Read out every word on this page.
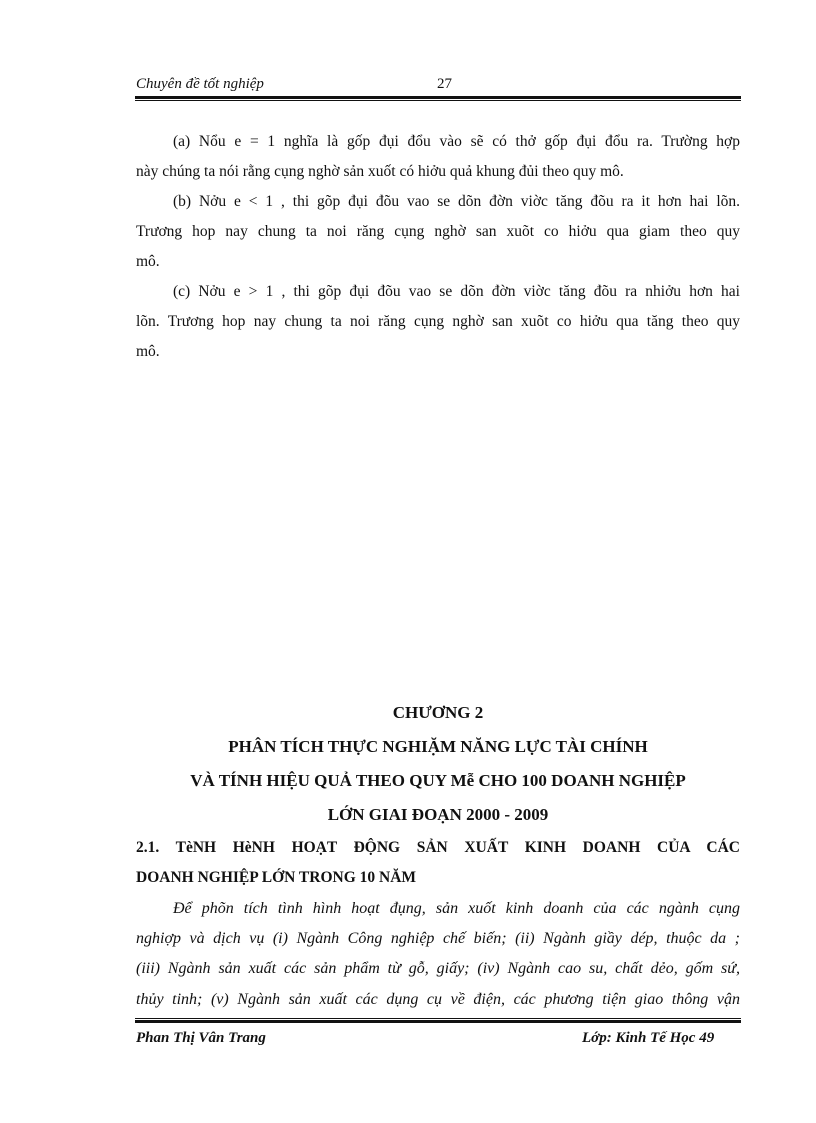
Chuyên đề tốt nghiệp	27
(a) Nổu e = 1 nghĩa là gốp đụi đổu vào sẽ có thở gốp đụi đổu ra. Trường hợp
này chúng ta nói rằng cụng nghờ sản xuốt có hiởu quả khung đủi theo quy mô.
(b) Nởu e < 1 , thi gõp đụi đõu vao se dõn đờn viờc tăng đõu ra it hơn hai lõn.
Trương hop nay chung ta noi răng cụng nghờ san xuõt co hiởu qua giam theo quy
mô.
(c) Nởu e > 1 , thi gõp đụi đõu vao se dõn đờn viờc tăng đõu ra nhiởu hơn hai
lõn. Trương hop nay chung ta noi răng cụng nghờ san xuõt co hiởu qua tăng theo quy
mô.
CHƯƠNG 2
PHÂN TÍCH THỰC NGHIẶM NĂNG LỰC TÀI CHÍNH
VÀ TÍNH HIỆU QUẢ THEO QUY Mễ CHO 100 DOANH NGHIỆP
LỚN GIAI ĐOẠN 2000 - 2009
2.1. TèNH HèNH HOẠT ĐỘNG SẢN XUẤT KINH DOANH CỦA CÁC
DOANH NGHIỆP LỚN TRONG 10 NĂM
Để phõn tích tình hình hoạt đụng, sản xuốt kinh doanh của các ngành cụng
nghiợp và dịch vụ (i) Ngành Công nghiệp chế biến; (ii) Ngành giầy dép, thuộc da ;
(iii) Ngành sản xuất các sản phẩm từ gỗ, giấy; (iv) Ngành cao su, chất dẻo, gốm sứ,
thủy tinh; (v) Ngành sản xuất các dụng cụ về điện, các phương tiện giao thông vận
Phan Thị Vân Trang	Lớp: Kinh Tế Học 49
